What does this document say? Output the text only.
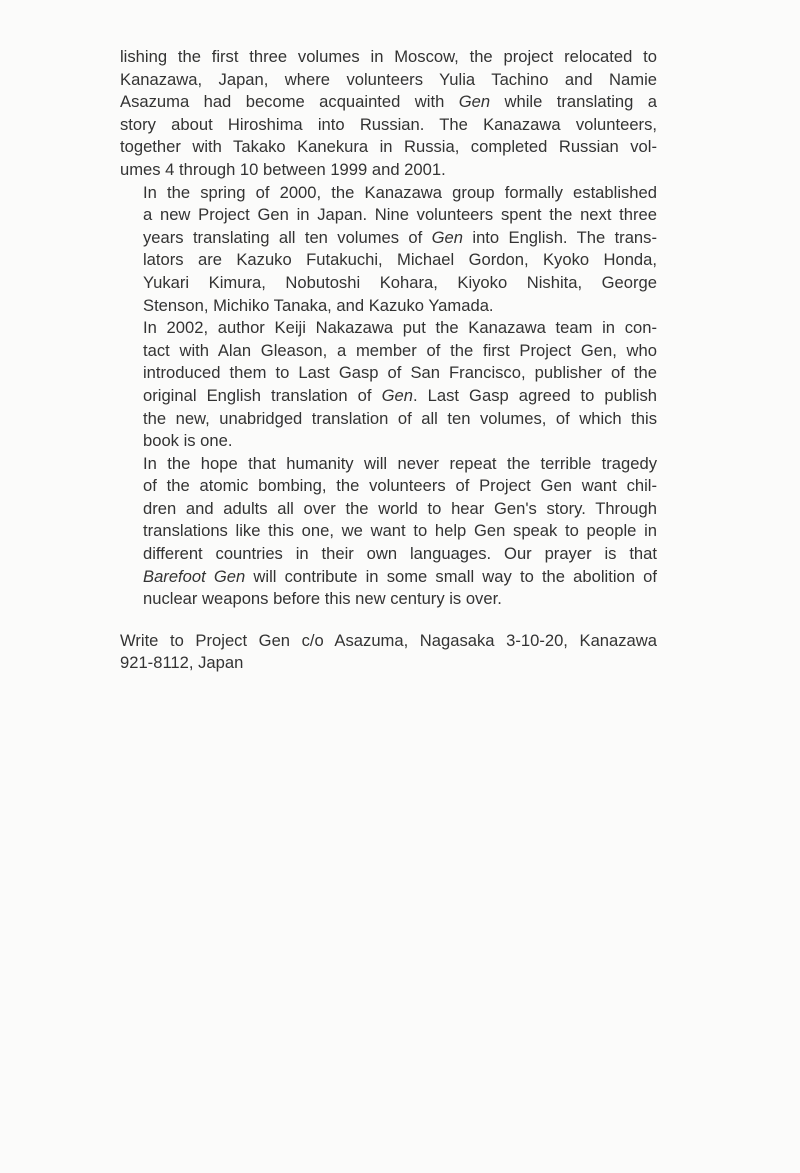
lishing the first three volumes in Moscow, the project relocated to
Kanazawa, Japan, where volunteers Yulia Tachino and Namie
Asazuma had become acquainted with Gen while translating a
story about Hiroshima into Russian. The Kanazawa volunteers,
together with Takako Kanekura in Russia, completed Russian vol-
umes 4 through 10 between 1999 and 2001.

In the spring of 2000, the Kanazawa group formally established
a new Project Gen in Japan. Nine volunteers spent the next three
years translating all ten volumes of Gen into English. The trans-
lators are Kazuko Futakuchi, Michael Gordon, Kyoko Honda,
Yukari Kimura, Nobutoshi Kohara, Kiyoko Nishita, George
Stenson, Michiko Tanaka, and Kazuko Yamada.

In 2002, author Keiji Nakazawa put the Kanazawa team in con-
tact with Alan Gleason, a member of the first Project Gen, who
introduced them to Last Gasp of San Francisco, publisher of the
original English translation of Gen. Last Gasp agreed to publish
the new, unabridged translation of all ten volumes, of which this
book is one.

In the hope that humanity will never repeat the terrible tragedy
of the atomic bombing, the volunteers of Project Gen want chil-
dren and adults all over the world to hear Gen's story. Through
translations like this one, we want to help Gen speak to people in
different countries in their own languages. Our prayer is that
Barefoot Gen will contribute in some small way to the abolition of
nuclear weapons before this new century is over.

Write to Project Gen c/o Asazuma, Nagasaka 3-10-20, Kanazawa
921-8112, Japan
